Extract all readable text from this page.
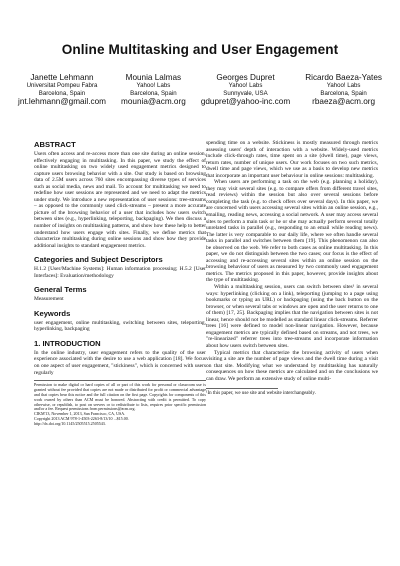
Online Multitasking and User Engagement
Janette Lehmann
Universitat Pompeu Fabra
Barcelona, Spain
jnt.lehmann@gmail.com
Mounia Lalmas
Yahoo! Labs
Barcelona, Spain
mounia@acm.org
Georges Dupret
Yahoo! Labs
Sunnyvale, USA
gdupret@yahoo-inc.com
Ricardo Baeza-Yates
Yahoo! Labs
Barcelona, Spain
rbaeza@acm.org
ABSTRACT

Users often access and re-access more than one site during an online session, effectively engaging in multitasking. In this paper, we study the effect of online multitasking on two widely used engagement metrics designed to capture users browsing behavior with a site. Our study is based on browsing data of 2.5M users across 760 sites encompassing diverse types of services such as social media, news and mail. To account for multitasking we need to redefine how user sessions are represented and we need to adapt the metrics under study. We introduce a new representation of user sessions: tree-streams – as opposed to the commonly used click-streams – present a more accurate picture of the browsing behavior of a user that includes how users switch between sites (e.g., hyperlinking, teleporting, backpaging). We then discuss a number of insights on multitasking patterns, and show how these help to better understand how users engage with sites. Finally, we define metrics that characterize multitasking during online sessions and show how they provide additional insights to standard engagement metrics.

Categories and Subject Descriptors

H.1.2 [User/Machine Systems]: Human information processing; H.5.2 [User Interfaces]: Evaluation/methodology

General Terms

Measurement

Keywords

user engagement, online multitasking, switching between sites, teleporting, hyperlinking, backpaging

1. INTRODUCTION

In the online industry, user engagement refers to the quality of the user experience associated with the desire to use a web application [18]. We focus on one aspect of user engagement, "stickiness", which is concerned with users regularly

Permission to make digital or hard copies of all or part of this work for personal or classroom use is granted without fee provided that copies are not made or distributed for profit or commercial advantage and that copies bear this notice and the full citation on the first page. Copyrights for components of this work owned by others than ACM must be honored. Abstracting with credit is permitted. To copy otherwise, or republish, to post on servers or to redistribute to lists, requires prior specific permission and/or a fee. Request permissions from permissions@acm.org.

CIKM'13, November 1, 2013, San Francisco, CA, USA.

Copyright 2013 ACM 978-1-4503-2263-8/13/10 ...$15.00.

http://dx.doi.org/10.1145/2505515.2505543.

spending time on a website. Stickiness is mostly measured through metrics assessing users' depth of interaction with a website. Widely-used metrics include click-through rates, time spent on a site (dwell time), page views, return rates, number of unique users. Our work focuses on two such metrics, dwell time and page views, which we use as a basis to develop new metrics that incorporate an important user behaviour in online sessions: multitasking.

When users are performing a task on the web (e.g. planning a holiday), they may visit several sites (e.g. to compare offers from different travel sites, read reviews) within the session but also over several sessions before completing the task (e.g. to check offers over several days). In this paper, we are concerned with users accessing several sites within an online session, e.g., emailing, reading news, accessing a social network. A user may access several sites to perform a main task or he or she may actually perform several totally unrelated tasks in parallel (e.g., responding to an email while reading news). The latter is very comparable to our daily life, where we often handle several tasks in parallel and switches between them [19]. This phenomenon can also be observed on the web. We refer to both cases as online multitasking. In this paper, we do not distinguish between the two cases; our focus is the effect of accessing and re-accessing several sites within an online session on the browsing behaviour of users as measured by two commonly used engagement metrics. The metrics proposed in this paper, however, provide insights about the type of multitasking.

Within a multitasking session, users can switch between sites¹ in several ways: hyperlinking (clicking on a link), teleporting (jumping to a page using bookmarks or typing an URL) or backpaging (using the back button on the browser, or when several tabs or windows are open and the user returns to one of them) [17, 25]. Backpaging implies that the navigation between sites is not linear, hence should not be modelled as standard linear click-streams. Referrer trees [16] were defined to model non-linear navigation. However, because engagement metrics are typically defined based on streams, and not trees, we "re-linearized" referrer trees into tree-streams and incorporate information about how users switch between sites.

Typical metrics that characterize the browsing activity of users when visiting a site are the number of page views and the dwell time during a visit on that site. Modifying what we understand by multitasking has naturally consequences on how these metrics are calculated and on the conclusions we can draw. We perform an extensive study of online multi-

¹In this paper, we use site and website interchangeably.
